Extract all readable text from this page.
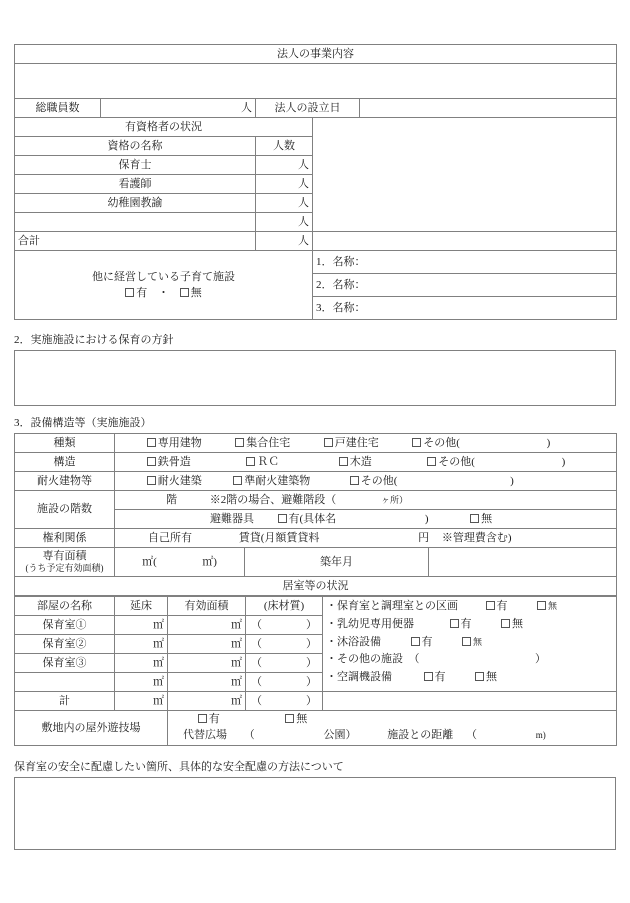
法人の事業内容				

総職員数	人	法人の設立日		
有資格者の状況				
資格の名称		人数		
保育士		人		
看護師		人		
幼稚園教諭		人		
		人		
合計		人		

他に経営している子育て施設
有 ・ 無			1．名称：	
			2．名称：	
			3．名称：	
2．実施施設における保育の方針
3．設備構造等（実施施設）
種類	専用建物 集合住宅 戸建住宅 その他( )		
構造	鉄骨造 ＲＣ 木造 その他( )		
耐火建物等	耐火建築 準耐火建築物 その他( )		
施設の階数	階 ※2階の場合、避難階段（ ヶ所）		
	避難器具 有(具体名 ) 無		
権利関係	自己所有 賃貸(月額賃貸料 円 ※管理費含む)		

専有面積
(うち予定有効面積)	㎡( ㎡)	築年月	
居室等の状況			
部屋の名称	延床	有効面積	(床材質)	・保育室と調理室との区画 有 無
・乳幼児専用便器 有 無
・沐浴設備 有 無
・その他の施設　（ ）
・空調機設備 有 無

保育室①	㎡	㎡	（　　　　）	
保育室②	㎡	㎡	（　　　　）	
保育室③	㎡	㎡	（　　　　）	
	㎡	㎡	（　　　　）	
計	㎡	㎡	（　　　　）	
敷地内の屋外遊技場		有 無
代替広場 （ 公園） 施設との距離 （ m)		
保育室の安全に配慮したい箇所、具体的な安全配慮の方法について
